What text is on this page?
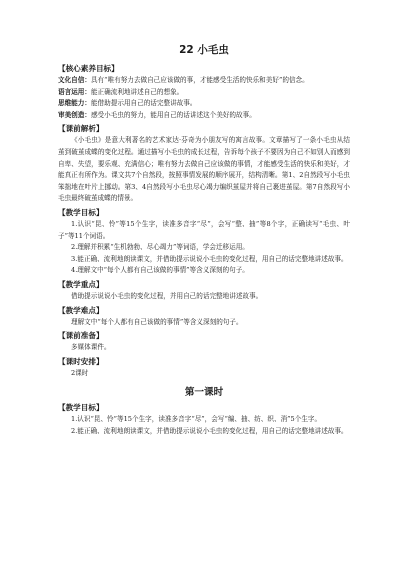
22 小毛虫
【核心素养目标】
文化自信：具有“唯有努力去做自己应该做的事，才能感受生活的快乐和美好”的信念。
语言运用：能正确流利地讲述自己的想象。
思维能力：能借助提示用自己的话完整讲故事。
审美创造：感受小毛虫的努力，能用自己的话讲述这个美好的故事。
【课前解析】
《小毛虫》是意大利著名的艺术家达·芬奇为小朋友写的寓言故事。文章描写了一条小毛虫从结茧到破茧成蝶的变化过程。通过描写小毛虫的成长过程，告诉每个孩子不要因为自己不如别人而感到自卑、失望，要乐观、充满信心；唯有努力去做自己应该做的事情，才能感受生活的快乐和美好，才能真正有所作为。课文共7个自然段，按照事情发展的顺序展开，结构清晰。第1、2自然段写小毛虫笨拙地在叶片上挪动。第3、4自然段写小毛虫尽心竭力编织茧屋并将自己裹进茧屋。第7自然段写小毛虫最终破茧成蝶的情景。
【教学目标】
1.认识“昆、怜”等15个生字，读准多音字“尽”，会写“整、抽”等8个字，正确读写“毛虫、叶子”等11个词语。
2.理解并积累“生机勃勃、尽心竭力”等词语，学会迁移运用。
3.能正确、流利地朗读课文，并借助提示说说小毛虫的变化过程，用自己的话完整地讲述故事。
4.理解文中“每个人都有自己该做的事情”等含义深刻的句子。
【教学重点】
借助提示说说小毛虫的变化过程，并用自己的话完整地讲述故事。
【教学难点】
理解文中“每个人都有自己该做的事情”等含义深刻的句子。
【课前准备】
多媒体课件。
【课时安排】
2课时
第一课时
【教学目标】
1.认识“昆、怜”等15个生字，读准多音字“尽”，会写“编、抽、纺、织、消”5个生字。
2.能正确、流利地朗读课文，并借助提示说说小毛虫的变化过程，用自己的话完整地讲述故事。
